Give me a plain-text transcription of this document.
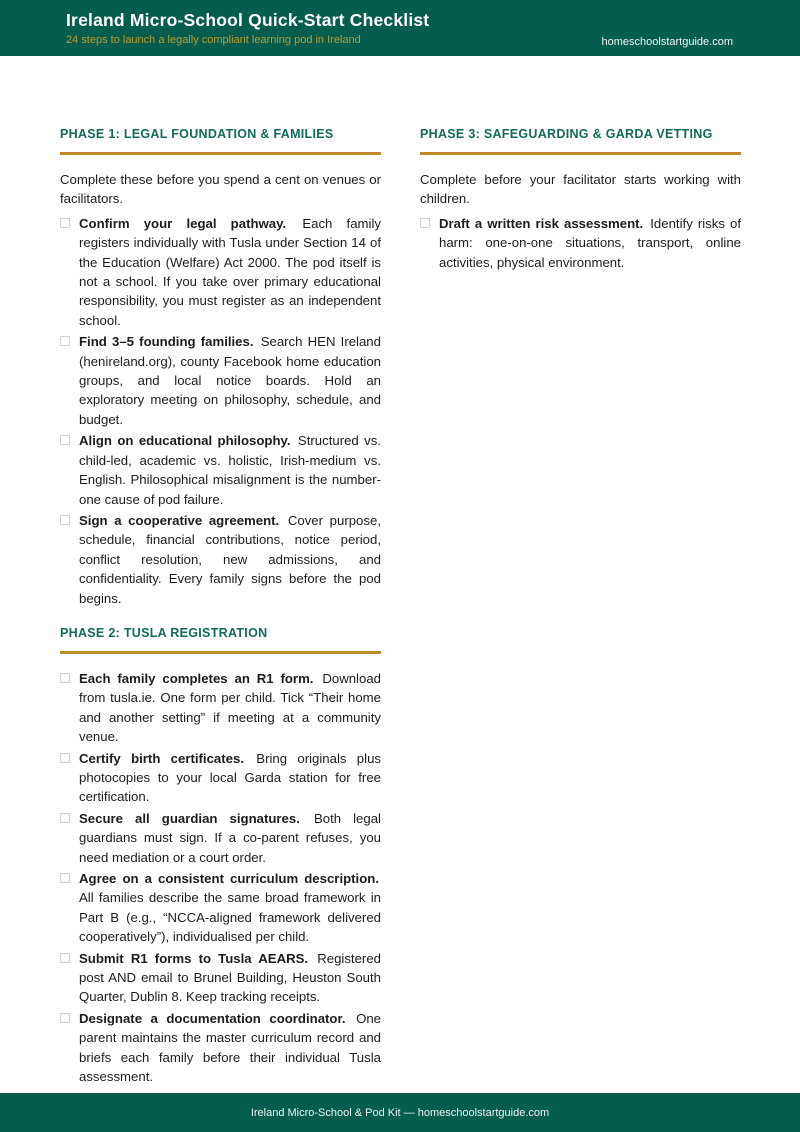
Ireland Micro-School Quick-Start Checklist
24 steps to launch a legally compliant learning pod in Ireland	homeschoolstartguide.com
PHASE 1: LEGAL FOUNDATION & FAMILIES
Complete these before you spend a cent on venues or facilitators.
Confirm your legal pathway. Each family registers individually with Tusla under Section 14 of the Education (Welfare) Act 2000. The pod itself is not a school. If you take over primary educational responsibility, you must register as an independent school.
Find 3–5 founding families. Search HEN Ireland (henireland.org), county Facebook home education groups, and local notice boards. Hold an exploratory meeting on philosophy, schedule, and budget.
Align on educational philosophy. Structured vs. child-led, academic vs. holistic, Irish-medium vs. English. Philosophical misalignment is the number-one cause of pod failure.
Sign a cooperative agreement. Cover purpose, schedule, financial contributions, notice period, conflict resolution, new admissions, and confidentiality. Every family signs before the pod begins.
PHASE 2: TUSLA REGISTRATION
Each family completes an R1 form. Download from tusla.ie. One form per child. Tick “Their home and another setting” if meeting at a community venue.
Certify birth certificates. Bring originals plus photocopies to your local Garda station for free certification.
Secure all guardian signatures. Both legal guardians must sign. If a co-parent refuses, you need mediation or a court order.
Agree on a consistent curriculum description. All families describe the same broad framework in Part B (e.g., “NCCA-aligned framework delivered cooperatively”), individualised per child.
Submit R1 forms to Tusla AEARS. Registered post AND email to Brunel Building, Heuston South Quarter, Dublin 8. Keep tracking receipts.
Designate a documentation coordinator. One parent maintains the master curriculum record and briefs each family before their individual Tusla assessment.
PHASE 3: SAFEGUARDING & GARDA VETTING
Complete before your facilitator starts working with children.
Draft a written risk assessment. Identify risks of harm: one-on-one situations, transport, online activities, physical environment.
Ireland Micro-School & Pod Kit — homeschoolstartguide.com
